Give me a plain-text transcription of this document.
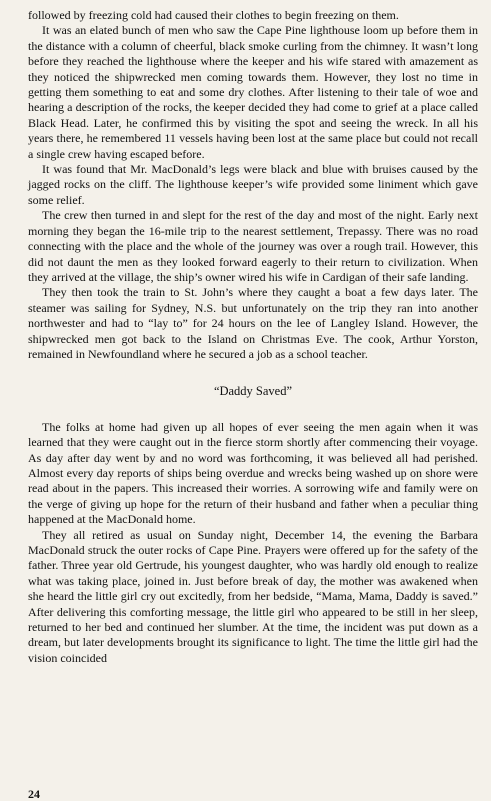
followed by freezing cold had caused their clothes to begin freezing on them.

It was an elated bunch of men who saw the Cape Pine lighthouse loom up before them in the distance with a column of cheerful, black smoke curling from the chimney. It wasn’t long before they reached the lighthouse where the keeper and his wife stared with amazement as they noticed the shipwrecked men coming towards them. However, they lost no time in getting them something to eat and some dry clothes. After listening to their tale of woe and hearing a description of the rocks, the keeper decided they had come to grief at a place called Black Head. Later, he confirmed this by visiting the spot and seeing the wreck. In all his years there, he remembered 11 vessels having been lost at the same place but could not recall a single crew having escaped before.

It was found that Mr. MacDonald’s legs were black and blue with bruises caused by the jagged rocks on the cliff. The lighthouse keeper’s wife provided some liniment which gave some relief.

The crew then turned in and slept for the rest of the day and most of the night. Early next morning they began the 16-mile trip to the nearest settlement, Trepassy. There was no road connecting with the place and the whole of the journey was over a rough trail. However, this did not daunt the men as they looked forward eagerly to their return to civilization. When they arrived at the village, the ship’s owner wired his wife in Cardigan of their safe landing.

They then took the train to St. John’s where they caught a boat a few days later. The steamer was sailing for Sydney, N.S. but unfortunately on the trip they ran into another northwester and had to “lay to” for 24 hours on the lee of Langley Island. However, the shipwrecked men got back to the Island on Christmas Eve. The cook, Arthur Yorston, remained in Newfoundland where he secured a job as a school teacher.

“Daddy Saved”

The folks at home had given up all hopes of ever seeing the men again when it was learned that they were caught out in the fierce storm shortly after commencing their voyage. As day after day went by and no word was forthcoming, it was believed all had perished. Almost every day reports of ships being overdue and wrecks being washed up on shore were read about in the papers. This increased their worries. A sorrowing wife and family were on the verge of giving up hope for the return of their husband and father when a peculiar thing happened at the MacDonald home.

They all retired as usual on Sunday night, December 14, the evening the Barbara MacDonald struck the outer rocks of Cape Pine. Prayers were offered up for the safety of the father. Three year old Gertrude, his youngest daughter, who was hardly old enough to realize what was taking place, joined in. Just before break of day, the mother was awakened when she heard the little girl cry out excitedly, from her bedside, “Mama, Mama, Daddy is saved.” After delivering this comforting message, the little girl who appeared to be still in her sleep, returned to her bed and continued her slumber. At the time, the incident was put down as a dream, but later developments brought its significance to light. The time the little girl had the vision coincided

24
